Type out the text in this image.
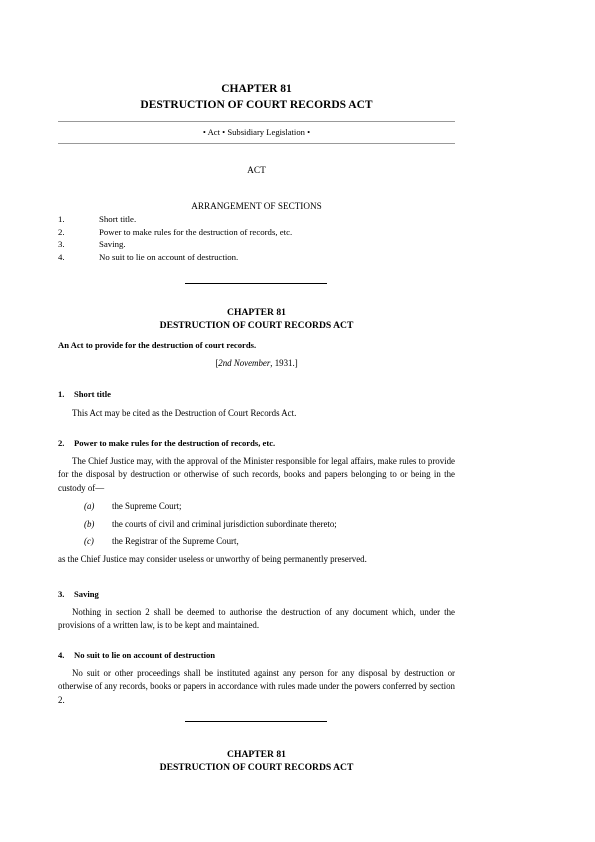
CHAPTER 81
DESTRUCTION OF COURT RECORDS ACT
• Act • Subsidiary Legislation •
ACT
ARRANGEMENT OF SECTIONS
1.	Short title.
2.	Power to make rules for the destruction of records, etc.
3.	Saving.
4.	No suit to lie on account of destruction.
CHAPTER 81
DESTRUCTION OF COURT RECORDS ACT
An Act to provide for the destruction of court records.
[2nd November, 1931.]
1. Short title
This Act may be cited as the Destruction of Court Records Act.
2. Power to make rules for the destruction of records, etc.
The Chief Justice may, with the approval of the Minister responsible for legal affairs, make rules to provide for the disposal by destruction or otherwise of such records, books and papers belonging to or being in the custody of—
(a)	the Supreme Court;
(b)	the courts of civil and criminal jurisdiction subordinate thereto;
(c)	the Registrar of the Supreme Court,
as the Chief Justice may consider useless or unworthy of being permanently preserved.
3. Saving
Nothing in section 2 shall be deemed to authorise the destruction of any document which, under the provisions of a written law, is to be kept and maintained.
4. No suit to lie on account of destruction
No suit or other proceedings shall be instituted against any person for any disposal by destruction or otherwise of any records, books or papers in accordance with rules made under the powers conferred by section 2.
CHAPTER 81
DESTRUCTION OF COURT RECORDS ACT
